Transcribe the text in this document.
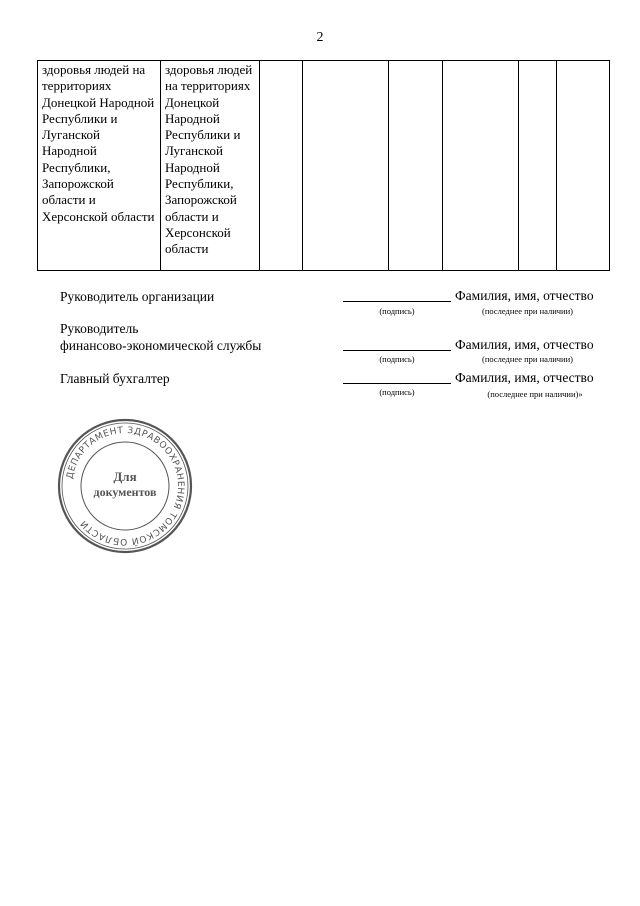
2
здоровья людей на территориях Донецкой Народной Республики и Луганской Народной Республики, Запорожской области и Херсонской области	здоровья людей на территориях Донецкой Народной Республики и Луганской Народной Республики, Запорожской области и Херсонской области						
Руководитель организации
(подпись)
Фамилия, имя, отчество
(последнее при наличии)
Руководитель
финансово-экономической службы
(подпись)
Фамилия, имя, отчество
(последнее при наличии)
Главный бухгалтер
(подпись)
Фамилия, имя, отчество
(последнее при наличии)»
ДЕПАРТАМЕНТ ЗДРАВООХРАНЕНИЯ ТОМСКОЙ ОБЛАСТИ
Для
документов
